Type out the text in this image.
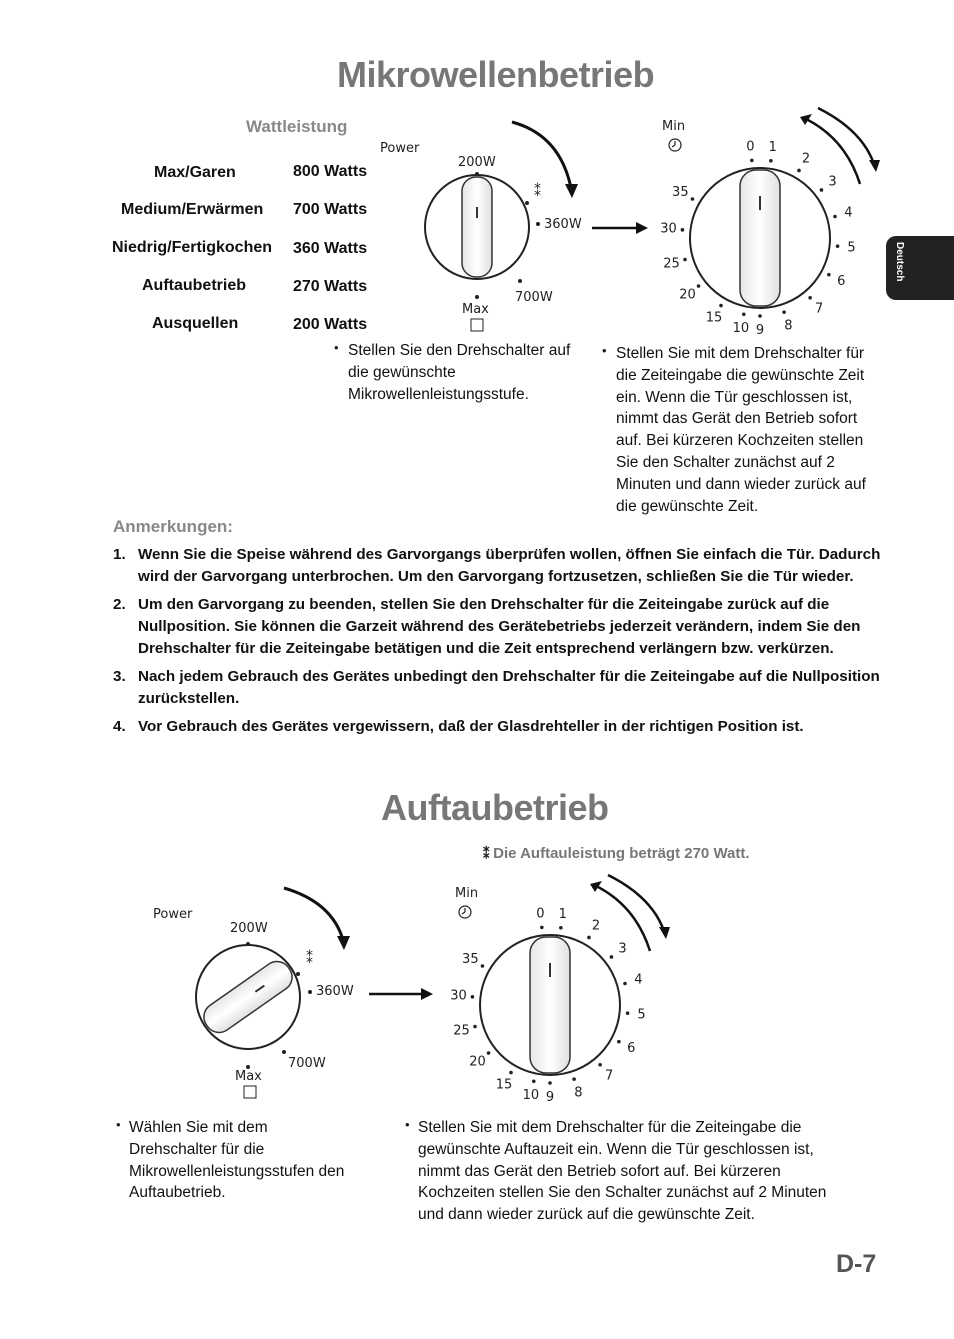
Mikrowellenbetrieb
Wattleistung
Max/Garen	800 Watts
Medium/Erwärmen 700 Watts
Niedrig/Fertigkochen 360 Watts
Auftaubetrieb	270 Watts
Ausquellen	200 Watts
Power
200W
360W
700W
Max
⁑
Min
0 1
2
3
4
5
6
7
8
9
10
15
20
25
30
35
• Stellen Sie den Drehschalter auf die gewünschte Mikrowellenleistungsstufe.
• Stellen Sie mit dem Drehschalter für die Zeiteingabe die gewünschte Zeit ein. Wenn die Tür geschlossen ist, nimmt das Gerät den Betrieb sofort auf. Bei kürzeren Kochzeiten stellen Sie den Schalter zunächst auf 2 Minuten und dann wieder zurück auf die gewünschte Zeit.
Deutsch
Anmerkungen:
1. Wenn Sie die Speise während des Garvorgangs überprüfen wollen, öffnen Sie einfach die Tür. Dadurch wird der Garvorgang unterbrochen. Um den Garvorgang fortzusetzen, schließen Sie die Tür wieder.
2. Um den Garvorgang zu beenden, stellen Sie den Drehschalter für die Zeiteingabe zurück auf die Nullposition. Sie können die Garzeit während des Gerätebetriebs jederzeit verändern, indem Sie den Drehschalter für die Zeiteingabe betätigen und die Zeit entsprechend verlängern bzw. verkürzen.
3. Nach jedem Gebrauch des Gerätes unbedingt den Drehschalter für die Zeiteingabe auf die Nullposition zurückstellen.
4. Vor Gebrauch des Gerätes vergewissern, daß der Glasdrehteller in der richtigen Position ist.
Auftaubetrieb
⁑ Die Auftauleistung beträgt 270 Watt.
Power
200W
360W
700W
Max
⁑
Min
0 1
2
3
4
5
6
7
8
9
10
15
20
25
30
35
• Wählen Sie mit dem Drehschalter für die Mikrowellenleistungsstufen den Auftaubetrieb.
• Stellen Sie mit dem Drehschalter für die Zeiteingabe die gewünschte Auftauzeit ein. Wenn die Tür geschlossen ist, nimmt das Gerät den Betrieb sofort auf. Bei kürzeren Kochzeiten stellen Sie den Schalter zunächst auf 2 Minuten und dann wieder zurück auf die gewünschte Zeit.
D-7
